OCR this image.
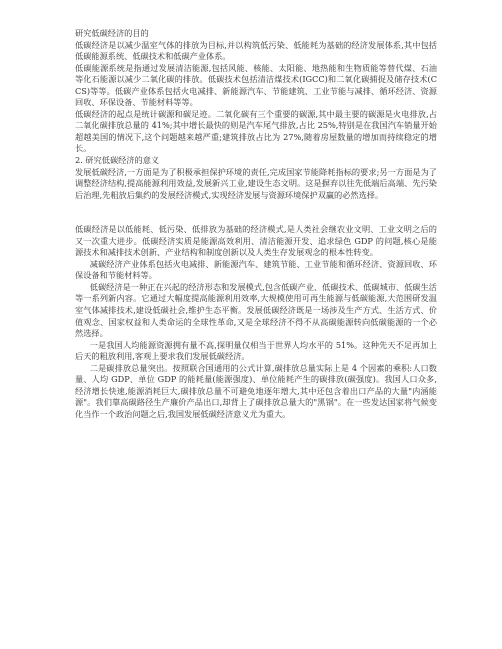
研究低碳经济的目的

低碳经济是以减少温室气体的排放为目标,并以构筑低污染、低能耗为基础的经济发展体系,其中包括低碳能源系统、低碳技术和低碳产业体系。

低碳能源系统是指通过发展清洁能源,包括风能、核能、太阳能、地热能和生物质能等替代煤、石油等化石能源以减少二氧化碳的排放。低碳技术包括清洁煤技术(IGCC)和二氧化碳捕捉及储存技术(CCS)等等。低碳产业体系包括火电减排、新能源汽车、节能建筑、工业节能与减排、循环经济、资源回收、环保设备、节能材料等等。

低碳经济的起点是统计碳源和碳足迹。二氧化碳有三个重要的碳源,其中最主要的碳源是火电排放,占二氧化碳排放总量的 41%;其中增长最快的则是汽车尾气排放,占比 25%,特别是在我国汽车销量开始超越美国的情况下,这个问题越来越严重;建筑排放占比为 27%,随着房屋数量的增加而持续稳定的增长。

2. 研究低碳经济的意义

发展低碳经济,一方面是为了积极承担保护环境的责任,完成国家节能降耗指标的要求;另一方面是为了调整经济结构,提高能源利用效益,发展新兴工业,建设生态文明。这是摒弃以往先低端后高端、先污染后治理,先粗放后集约的发展经济模式,实现经济发展与资源环境保护双赢的必然选择。

低碳经济是以低能耗、低污染、低排放为基础的经济模式,是人类社会继农业文明、工业文明之后的又一次重大进步。低碳经济实质是能源高效利用、清洁能源开发、追求绿色 GDP 的问题,核心是能源技术和减排技术创新、产业结构和制度创新以及人类生存发展观念的根本性转变。

减碳经济产业体系包括火电减排、新能源汽车、建筑节能、工业节能和循环经济、资源回收、环保设备和节能材料等。

低碳经济是一种正在兴起的经济形态和发展模式,包含低碳产业、低碳技术、低碳城市、低碳生活等一系列新内容。它通过大幅度提高能源利用效率,大规模使用可再生能源与低碳能源,大范围研发温室气体减排技术,建设低碳社会,维护生态平衡。发展低碳经济既是一场涉及生产方式、生活方式、价值观念、国家权益和人类命运的全球性革命,又是全球经济不得不从高碳能源转向低碳能源的一个必然选择。

一是我国人均能源资源拥有量不高,探明量仅相当于世界人均水平的 51%。这种先天不足再加上后天的粗放利用,客观上要求我们发展低碳经济。

二是碳排放总量突出。按照联合国通用的公式计算,碳排放总量实际上是 4 个因素的乘积:人口数量、人均 GDP、单位 GDP 的能耗量(能源强度)、单位能耗产生的碳排放(碳强度)。我国人口众多,经济增长快速,能源消耗巨大,碳排放总量不可避免地逐年增大,其中还包含着出口产品的大量"内涵能源"。我们靠高碳路径生产廉价产品出口,却背上了碳排放总量大的"黑锅"。在一些发达国家将气候变化当作一个政治问题之后,我国发展低碳经济意义尤为重大。
